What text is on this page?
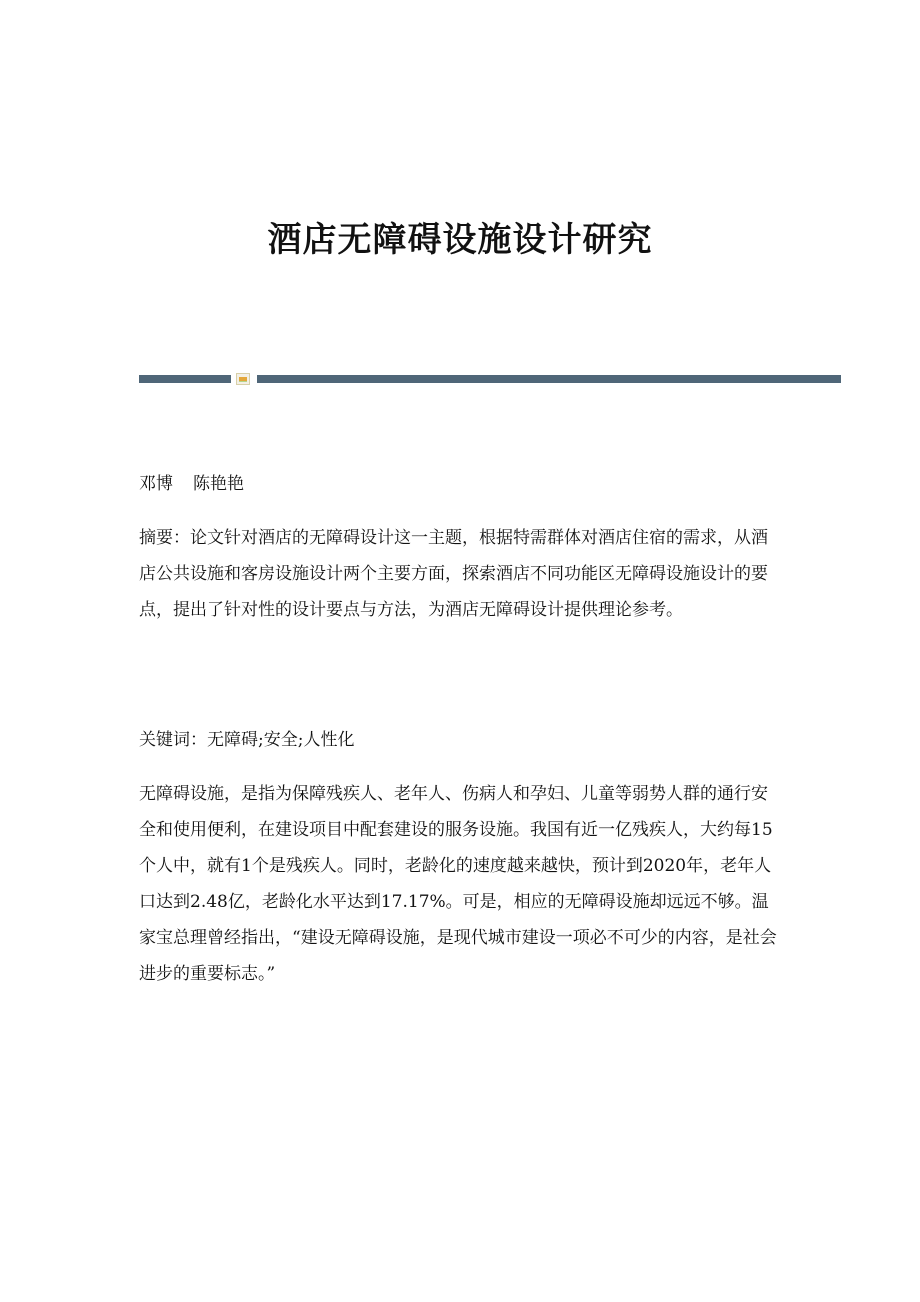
酒店无障碍设施设计研究

邓博 陈艳艳

摘要：论文针对酒店的无障碍设计这一主题，根据特需群体对酒店住宿的需求，从酒店公共设施和客房设施设计两个主要方面，探索酒店不同功能区无障碍设施设计的要点，提出了针对性的设计要点与方法，为酒店无障碍设计提供理论参考。

关键词：无障碍;安全;人性化

无障碍设施，是指为保障残疾人、老年人、伤病人和孕妇、儿童等弱势人群的通行安全和使用便利，在建设项目中配套建设的服务设施。我国有近一亿残疾人，大约每15个人中，就有1个是残疾人。同时，老龄化的速度越来越快，预计到2020年，老年人口达到2.48亿，老龄化水平达到17.17%。可是，相应的无障碍设施却远远不够。温家宝总理曾经指出，“建设无障碍设施，是现代城市建设一项必不可少的内容，是社会进步的重要标志。”
